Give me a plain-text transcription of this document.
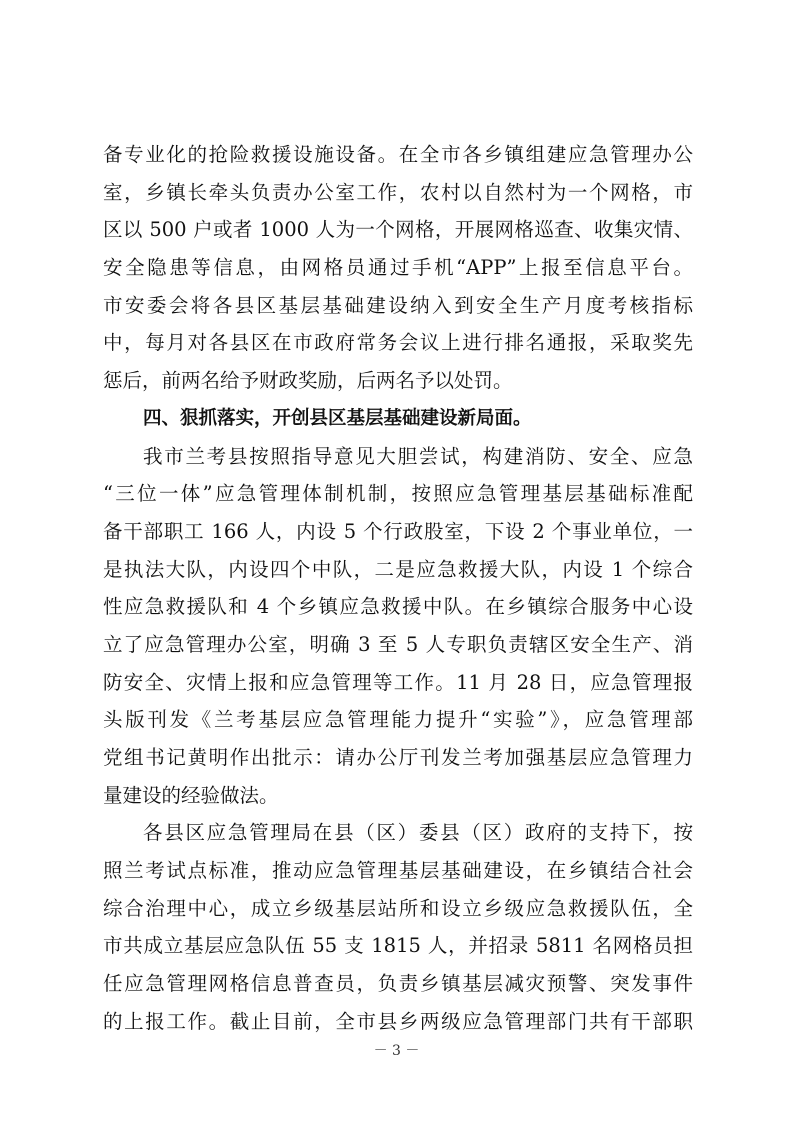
备专业化的抢险救援设施设备。在全市各乡镇组建应急管理办公
室，乡镇长牵头负责办公室工作，农村以自然村为一个网格，市
区以 500 户或者 1000 人为一个网格，开展网格巡查、收集灾情、
安全隐患等信息，由网格员通过手机“APP”上报至信息平台。
市安委会将各县区基层基础建设纳入到安全生产月度考核指标
中，每月对各县区在市政府常务会议上进行排名通报，采取奖先
惩后，前两名给予财政奖励，后两名予以处罚。
四、狠抓落实，开创县区基层基础建设新局面。
我市兰考县按照指导意见大胆尝试，构建消防、安全、应急
“三位一体”应急管理体制机制，按照应急管理基层基础标准配
备干部职工 166 人，内设 5 个行政股室，下设 2 个事业单位，一
是执法大队，内设四个中队，二是应急救援大队，内设 1 个综合
性应急救援队和 4 个乡镇应急救援中队。在乡镇综合服务中心设
立了应急管理办公室，明确 3 至 5 人专职负责辖区安全生产、消
防安全、灾情上报和应急管理等工作。11 月 28 日，应急管理报
头版刊发《兰考基层应急管理能力提升“实验”》，应急管理部
党组书记黄明作出批示：请办公厅刊发兰考加强基层应急管理力
量建设的经验做法。
各县区应急管理局在县（区）委县（区）政府的支持下，按
照兰考试点标准，推动应急管理基层基础建设，在乡镇结合社会
综合治理中心，成立乡级基层站所和设立乡级应急救援队伍，全
市共成立基层应急队伍 55 支 1815 人，并招录 5811 名网格员担
任应急管理网格信息普查员，负责乡镇基层减灾预警、突发事件
的上报工作。截止目前，全市县乡两级应急管理部门共有干部职
－ 3 －
